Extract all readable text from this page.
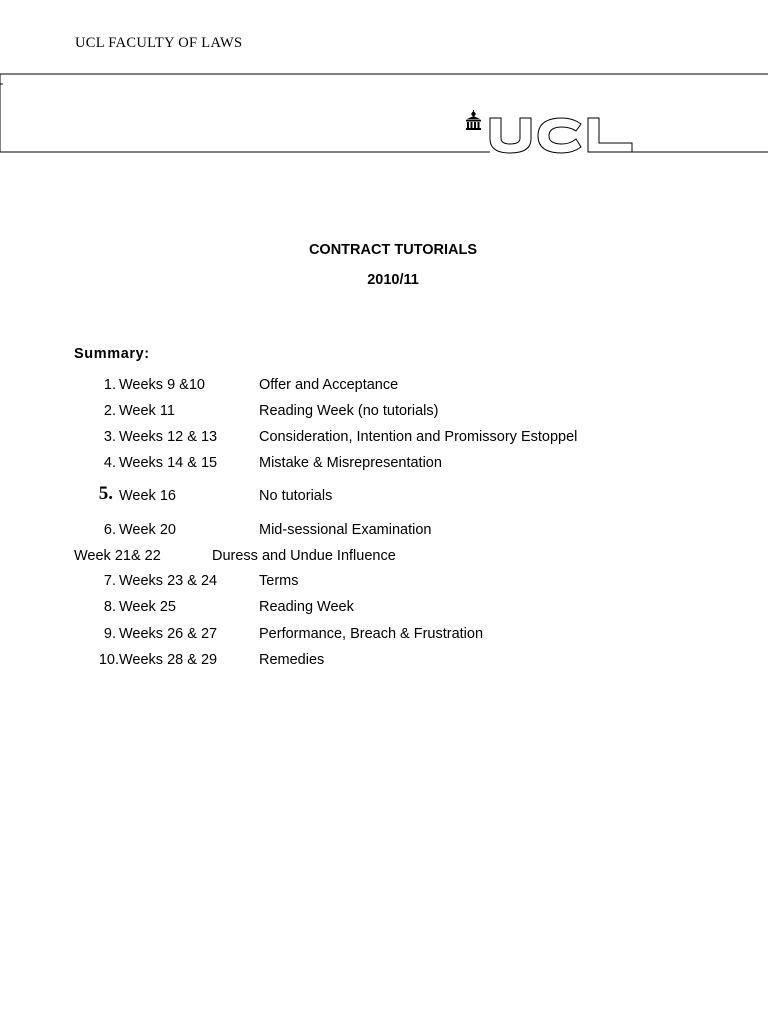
UCL FACULTY OF LAWS
CONTRACT TUTORIALS
2010/11
Summary:
1. Weeks 9 &10	Offer and Acceptance
2. Week 11	Reading Week (no tutorials)
3. Weeks 12 & 13	Consideration, Intention and Promissory Estoppel
4. Weeks 14 & 15	Mistake & Misrepresentation
5. Week 16	No tutorials
6. Week 20	Mid-sessional Examination
Week 21& 22	Duress and Undue Influence
7. Weeks 23 & 24	Terms
8. Week 25	Reading Week
9. Weeks 26 & 27	Performance, Breach & Frustration
10. Weeks 28 & 29	Remedies
